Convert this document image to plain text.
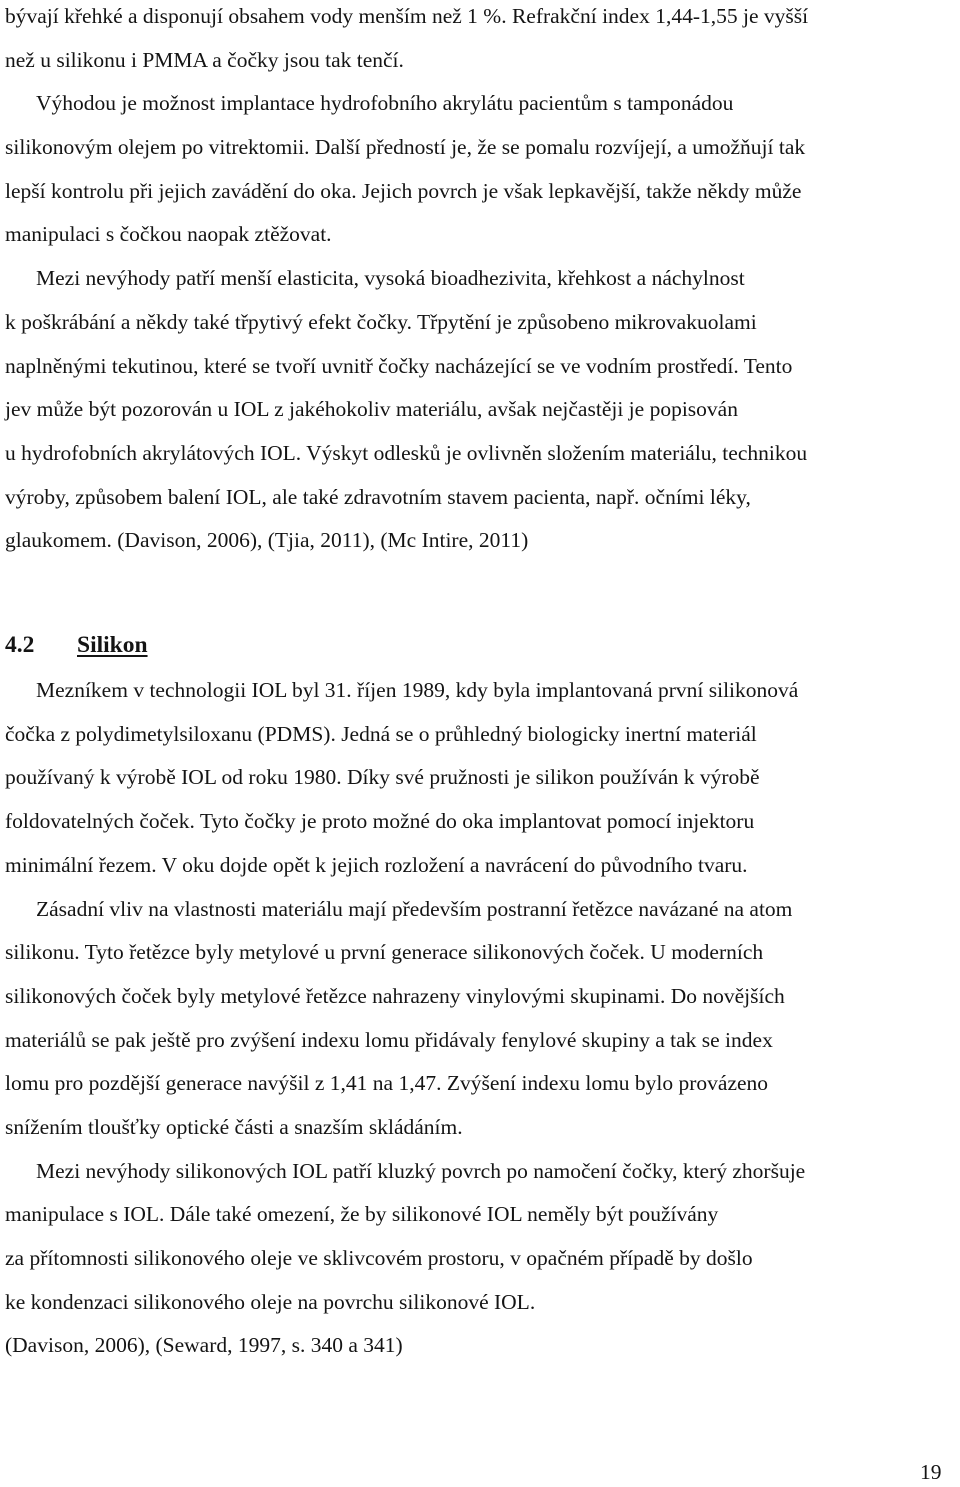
bývají křehké a disponují obsahem vody menším než 1 %. Refrakční index 1,44-1,55 je vyšší
než u silikonu i PMMA a čočky jsou tak tenčí.
Výhodou je možnost implantace hydrofobního akrylátu pacientům s tamponádou
silikonovým olejem po vitrektomii. Další předností je, že se pomalu rozvíjejí, a umožňují tak
lepší kontrolu při jejich zavádění do oka. Jejich povrch je však lepkavější, takže někdy může
manipulaci s čočkou naopak ztěžovat.
Mezi nevýhody patří menší elasticita, vysoká bioadhezivita, křehkost a náchylnost
k poškrábání a někdy také třpytivý efekt čočky. Třpytění je způsobeno mikrovakuolami
naplněnými tekutinou, které se tvoří uvnitř čočky nacházející se ve vodním prostředí. Tento
jev může být pozorován u IOL z jakéhokoliv materiálu, avšak nejčastěji je popisován
u hydrofobních akrylátových IOL. Výskyt odlesků je ovlivněn složením materiálu, technikou
výroby, způsobem balení IOL, ale také zdravotním stavem pacienta, např. očními léky,
glaukomem. (Davison, 2006), (Tjia, 2011), (Mc Intire, 2011)
4.2 Silikon
Mezníkem v technologii IOL byl 31. říjen 1989, kdy byla implantovaná první silikonová
čočka z polydimetylsiloxanu (PDMS). Jedná se o průhledný biologicky inertní materiál
používaný k výrobě IOL od roku 1980. Díky své pružnosti je silikon používán k výrobě
foldovatelných čoček. Tyto čočky je proto možné do oka implantovat pomocí injektoru
minimální řezem. V oku dojde opět k jejich rozložení a navrácení do původního tvaru.
Zásadní vliv na vlastnosti materiálu mají především postranní řetězce navázané na atom
silikonu. Tyto řetězce byly metylové u první generace silikonových čoček. U moderních
silikonových čoček byly metylové řetězce nahrazeny vinylovými skupinami. Do novějších
materiálů se pak ještě pro zvýšení indexu lomu přidávaly fenylové skupiny a tak se index
lomu pro pozdější generace navýšil z 1,41 na 1,47. Zvýšení indexu lomu bylo provázeno
snížením tloušťky optické části a snazším skládáním.
Mezi nevýhody silikonových IOL patří kluzký povrch po namočení čočky, který zhoršuje
manipulace s IOL. Dále také omezení, že by silikonové IOL neměly být používány
za přítomnosti silikonového oleje ve sklivcovém prostoru, v opačném případě by došlo
ke kondenzaci silikonového oleje na povrchu silikonové IOL.
(Davison, 2006), (Seward, 1997, s. 340 a 341)
19
